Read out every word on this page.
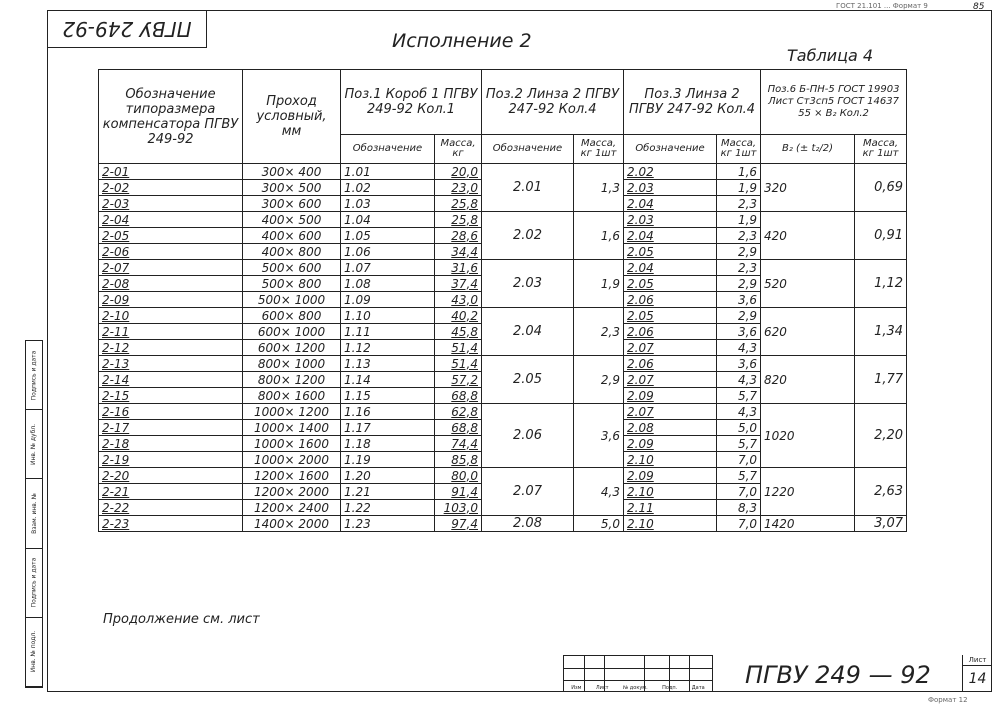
ПГВУ 249-92
ГОСТ 21.101 ... Формат 9	85
Исполнение 2
Таблица 4
Обозначение типоразмера компенсатора ПГВУ 249-92	Проход условный, мм	Поз.1 Короб 1 ПГВУ 249-92 Кол.1		Поз.2 Линза 2 ПГВУ 247-92 Кол.4		Поз.3 Линза 2 ПГВУ 247-92 Кол.4		Поз.6 Б-ПН-5 ГОСТ 19903 Лист Ст3сп5 ГОСТ 14637 55 × B₂ Кол.2	
		Обозначение	Масса, кг	Обозначение	Масса, кг 1шт	Обозначение	Масса, кг 1шт	B₂ (± t₂/2)	Масса, кг 1шт
2-01	300× 400	1.01	20,0	2.01	1,3	2.02	1,6	320	0,69
2-02	300× 500	1.02	23,0			2.03	1,9		
2-03	300× 600	1.03	25,8			2.04	2,3		
2-04	400× 500	1.04	25,8	2.02	1,6	2.03	1,9	420	0,91
2-05	400× 600	1.05	28,6			2.04	2,3		
2-06	400× 800	1.06	34,4			2.05	2,9		
2-07	500× 600	1.07	31,6	2.03	1,9	2.04	2,3	520	1,12
2-08	500× 800	1.08	37,4			2.05	2,9		
2-09	500× 1000	1.09	43,0			2.06	3,6		
2-10	600× 800	1.10	40,2	2.04	2,3	2.05	2,9	620	1,34
2-11	600× 1000	1.11	45,8			2.06	3,6		
2-12	600× 1200	1.12	51,4			2.07	4,3		
2-13	800× 1000	1.13	51,4	2.05	2,9	2.06	3,6	820	1,77
2-14	800× 1200	1.14	57,2			2.07	4,3		
2-15	800× 1600	1.15	68,8			2.09	5,7		
2-16	1000× 1200	1.16	62,8	2.06	3,6	2.07	4,3	1020	2,20
2-17	1000× 1400	1.17	68,8			2.08	5,0		
2-18	1000× 1600	1.18	74,4			2.09	5,7		
2-19	1000× 2000	1.19	85,8			2.10	7,0		
2-20	1200× 1600	1.20	80,0	2.07	4,3	2.09	5,7	1220	2,63
2-21	1200× 2000	1.21	91,4			2.10	7,0		
2-22	1200× 2400	1.22	103,0			2.11	8,3		
2-23	1400× 2000	1.23	97,4	2.08	5,0	2.10	7,0	1420	3,07
Продолжение см. лист
Подпись и дата
Инв. № дубл.
Взам. инв. №
Подпись и дата
Инв. № подл.
Изм	Лист	№ докум.	Подп.	Дата ПГВУ 249 — 92
Лист
14
Формат 12
